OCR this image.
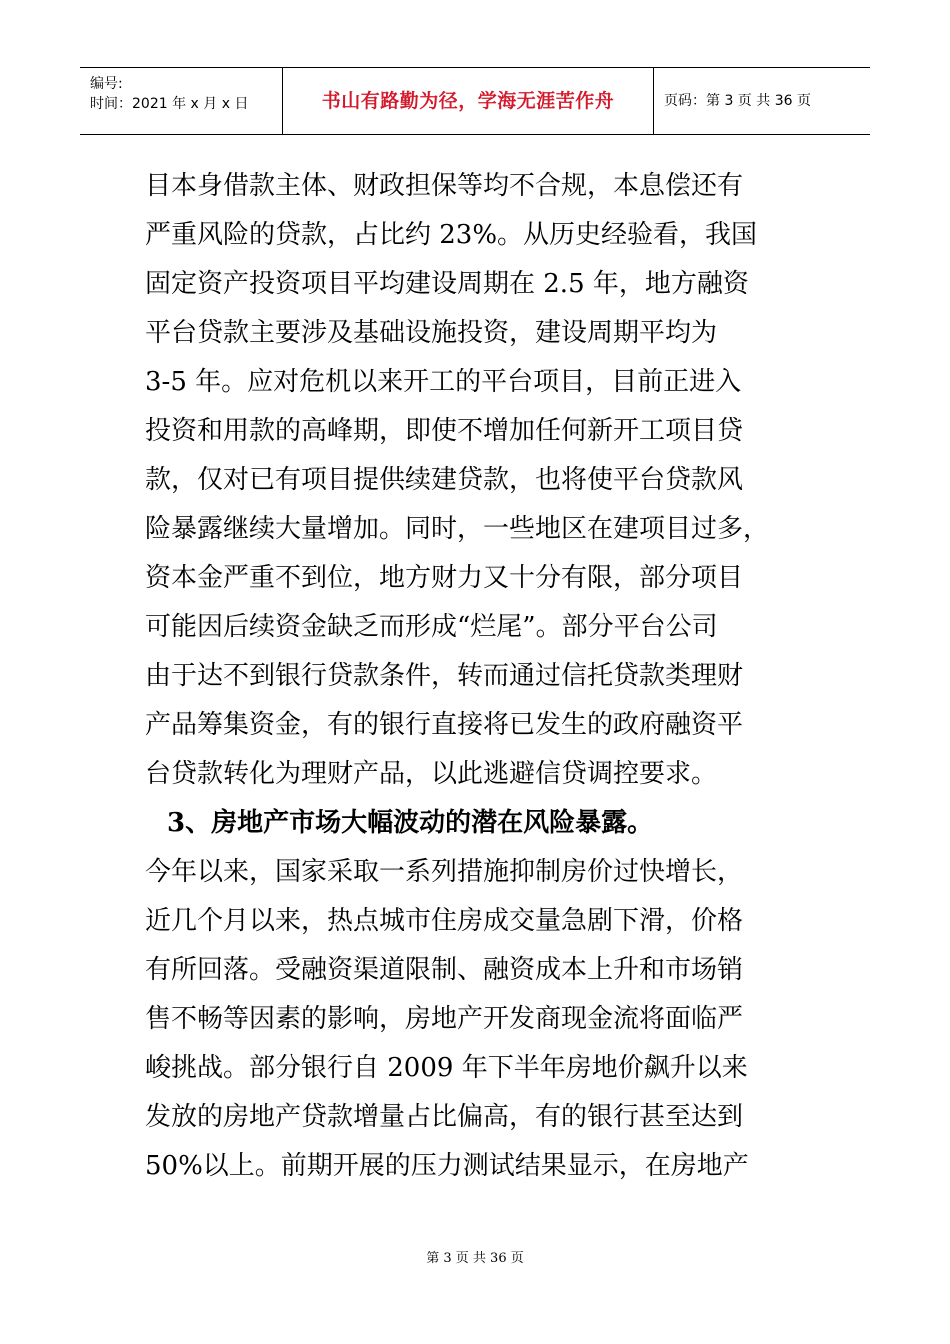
编号:
时间：2021 年 x 月 x 日	书山有路勤为径，学海无涯苦作舟	页码：第 3 页 共 36 页
目本身借款主体、财政担保等均不合规，本息偿还有
严重风险的贷款，占比约 23%。从历史经验看，我国
固定资产投资项目平均建设周期在 2.5 年，地方融资
平台贷款主要涉及基础设施投资，建设周期平均为
3-5 年。应对危机以来开工的平台项目，目前正进入
投资和用款的高峰期，即使不增加任何新开工项目贷
款，仅对已有项目提供续建贷款，也将使平台贷款风
险暴露继续大量增加。同时，一些地区在建项目过多，
资本金严重不到位，地方财力又十分有限，部分项目
可能因后续资金缺乏而形成“烂尾”。部分平台公司
由于达不到银行贷款条件，转而通过信托贷款类理财
产品筹集资金，有的银行直接将已发生的政府融资平
台贷款转化为理财产品，以此逃避信贷调控要求。
3、房地产市场大幅波动的潜在风险暴露。
今年以来，国家采取一系列措施抑制房价过快增长，
近几个月以来，热点城市住房成交量急剧下滑，价格
有所回落。受融资渠道限制、融资成本上升和市场销
售不畅等因素的影响，房地产开发商现金流将面临严
峻挑战。部分银行自 2009 年下半年房地价飙升以来
发放的房地产贷款增量占比偏高，有的银行甚至达到
50%以上。前期开展的压力测试结果显示，在房地产
第 3 页 共 36 页
